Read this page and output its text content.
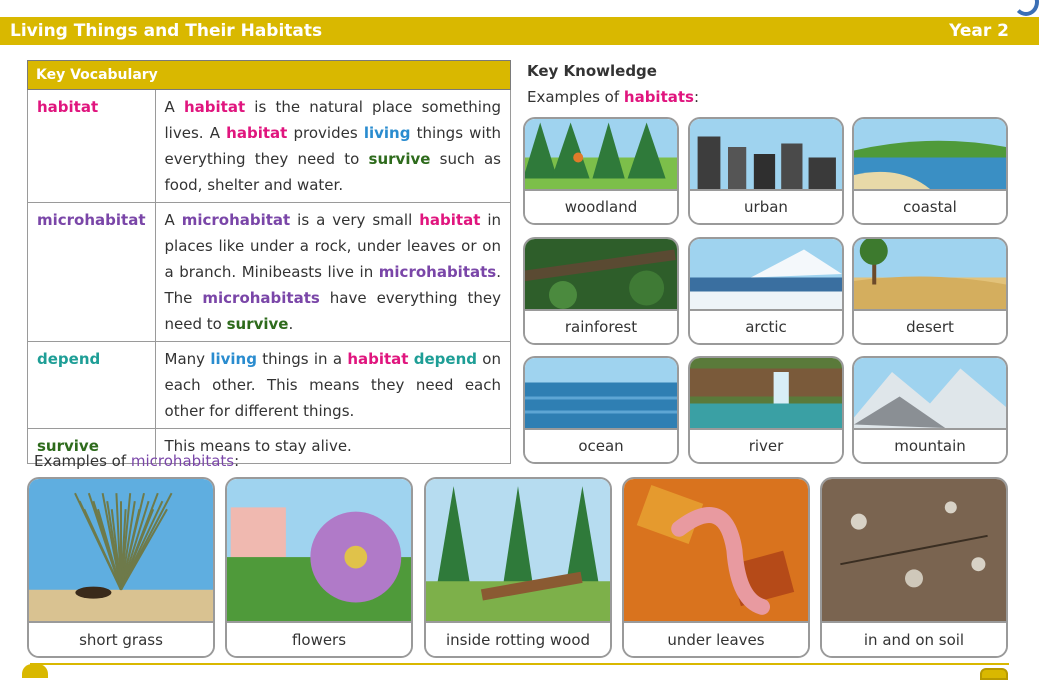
Living Things and Their Habitats	Year 2
Key Vocabulary	
habitat	A habitat is the natural place something lives. A habitat provides living things with everything they need to survive such as food, shelter and water.
microhabitat	A microhabitat is a very small habitat in places like under a rock, under leaves or on a branch. Minibeasts live in microhabitats. The microhabitats have everything they need to survive.
depend	Many living things in a habitat depend on each other. This means they need each other for different things.
survive	This means to stay alive.
Key Knowledge
Examples of habitats:
woodland	urban	coastal
rainforest	arctic	desert
ocean	river	mountain
Examples of microhabitats:
short grass	flowers	inside rotting wood	under leaves	in and on soil
